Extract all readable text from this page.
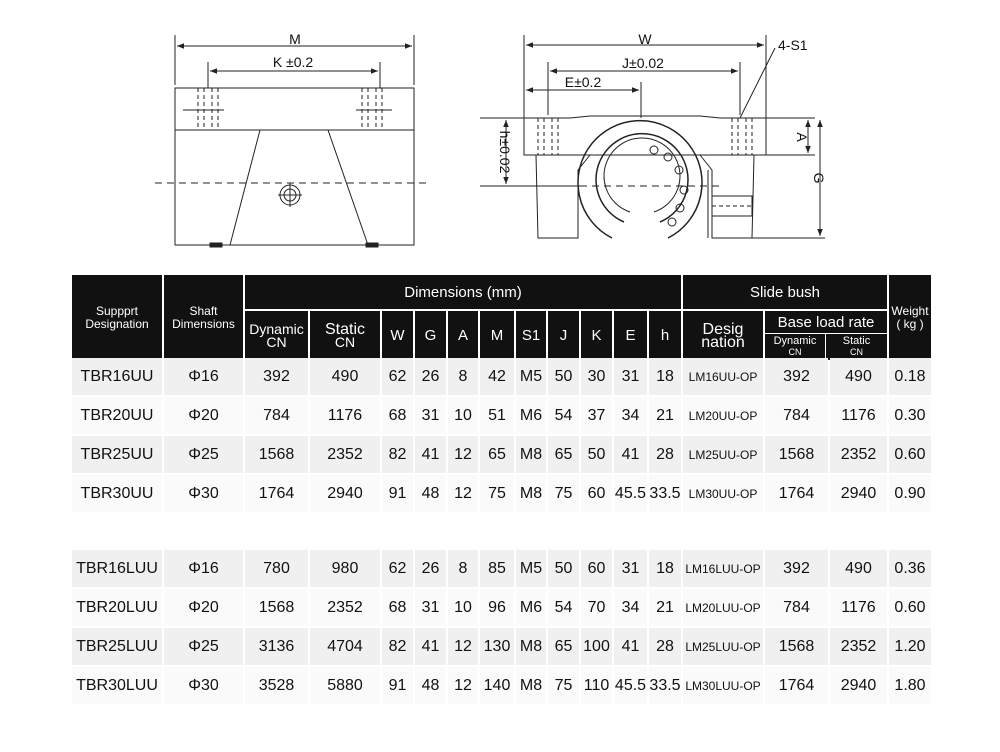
M
K ±0.2
W
J±0.02
E±0.2
4-S1
h±0.02	A
G
Suppprt
Designation	Shaft
Dimensions	Dimensions (mm)	Slide bush	Weight
( kg )
Dynamic
CN	Static
CN	W	G	A	M	S1	J	K	E	h	Desig
nation	
Base load rate
Dynamic
CN	Static
CN
TBR16UU	Φ16	392	490	62	26	8	42	M5	50	30	31	18	LM16UU-OP	392	490	0.18
TBR20UU	Φ20	784	1176	68	31	10	51	M6	54	37	34	21	LM20UU-OP	784	1176	0.30
TBR25UU	Φ25	1568	2352	82	41	12	65	M8	65	50	41	28	LM25UU-OP	1568	2352	0.60
TBR30UU	Φ30	1764	2940	91	48	12	75	M8	75	60	45.5	33.5	LM30UU-OP	1764	2940	0.90
TBR16LUU	Φ16	780	980	62	26	8	85	M5	50	60	31	18	LM16LUU-OP	392	490	0.36
TBR20LUU	Φ20	1568	2352	68	31	10	96	M6	54	70	34	21	LM20LUU-OP	784	1176	0.60
TBR25LUU	Φ25	3136	4704	82	41	12	130	M8	65	100	41	28	LM25LUU-OP	1568	2352	1.20
TBR30LUU	Φ30	3528	5880	91	48	12	140	M8	75	110	45.5	33.5	LM30LUU-OP	1764	2940	1.80
